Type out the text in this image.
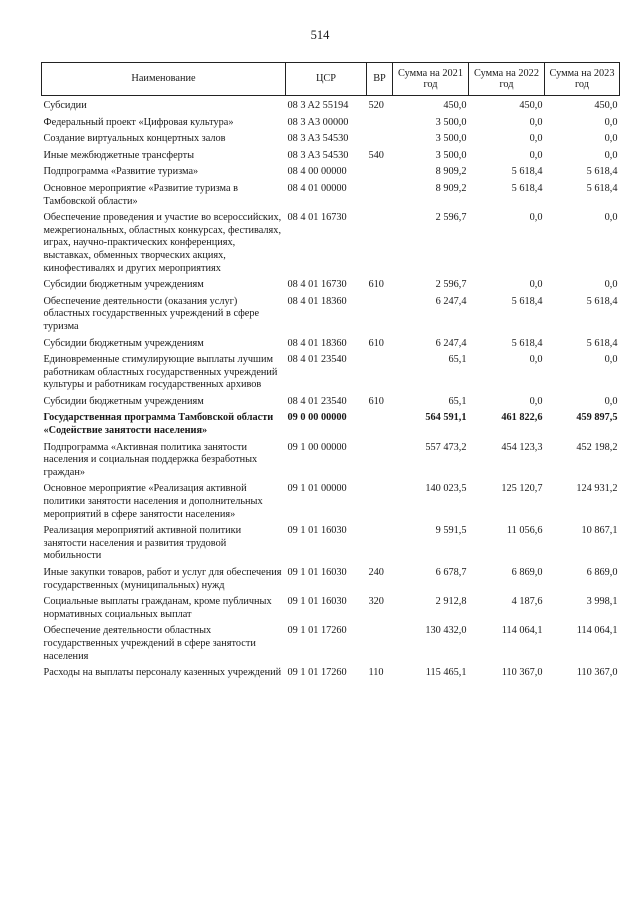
514
Наименование	ЦСР	ВР	Сумма на 2021 год	Сумма на 2022 год	Сумма на 2023 год
Субсидии	08 3 A2 55194	520	450,0	450,0	450,0
Федеральный проект «Цифровая культура»	08 3 A3 00000		3 500,0	0,0	0,0
Создание виртуальных концертных залов	08 3 A3 54530		3 500,0	0,0	0,0
Иные межбюджетные трансферты	08 3 A3 54530	540	3 500,0	0,0	0,0
Подпрограмма «Развитие туризма»	08 4 00 00000		8 909,2	5 618,4	5 618,4
Основное мероприятие «Развитие туризма в Тамбовской области»	08 4 01 00000		8 909,2	5 618,4	5 618,4
Обеспечение проведения и участие во всероссийских, межрегиональных, областных конкурсах, фестивалях, играх, научно-практических конференциях, выставках, обменных творческих акциях, кинофестивалях и других мероприятиях	08 4 01 16730		2 596,7	0,0	0,0
Субсидии бюджетным учреждениям	08 4 01 16730	610	2 596,7	0,0	0,0
Обеспечение деятельности (оказания услуг) областных государственных учреждений в сфере туризма	08 4 01 18360		6 247,4	5 618,4	5 618,4
Субсидии бюджетным учреждениям	08 4 01 18360	610	6 247,4	5 618,4	5 618,4
Единовременные стимулирующие выплаты лучшим работникам областных государственных учреждений культуры и работникам государственных архивов	08 4 01 23540		65,1	0,0	0,0
Субсидии бюджетным учреждениям	08 4 01 23540	610	65,1	0,0	0,0
Государственная программа Тамбовской области «Содействие занятости населения»	09 0 00 00000		564 591,1	461 822,6	459 897,5
Подпрограмма «Активная политика занятости населения и социальная поддержка безработных граждан»	09 1 00 00000		557 473,2	454 123,3	452 198,2
Основное мероприятие «Реализация активной политики занятости населения и дополнительных мероприятий в сфере занятости населения»	09 1 01 00000		140 023,5	125 120,7	124 931,2
Реализация мероприятий активной политики занятости населения и развития трудовой мобильности	09 1 01 16030		9 591,5	11 056,6	10 867,1
Иные закупки товаров, работ и услуг для обеспечения государственных (муниципальных) нужд	09 1 01 16030	240	6 678,7	6 869,0	6 869,0
Социальные выплаты гражданам, кроме публичных нормативных социальных выплат	09 1 01 16030	320	2 912,8	4 187,6	3 998,1
Обеспечение деятельности областных государственных учреждений в сфере занятости населения	09 1 01 17260		130 432,0	114 064,1	114 064,1
Расходы на выплаты персоналу казенных учреждений	09 1 01 17260	110	115 465,1	110 367,0	110 367,0
